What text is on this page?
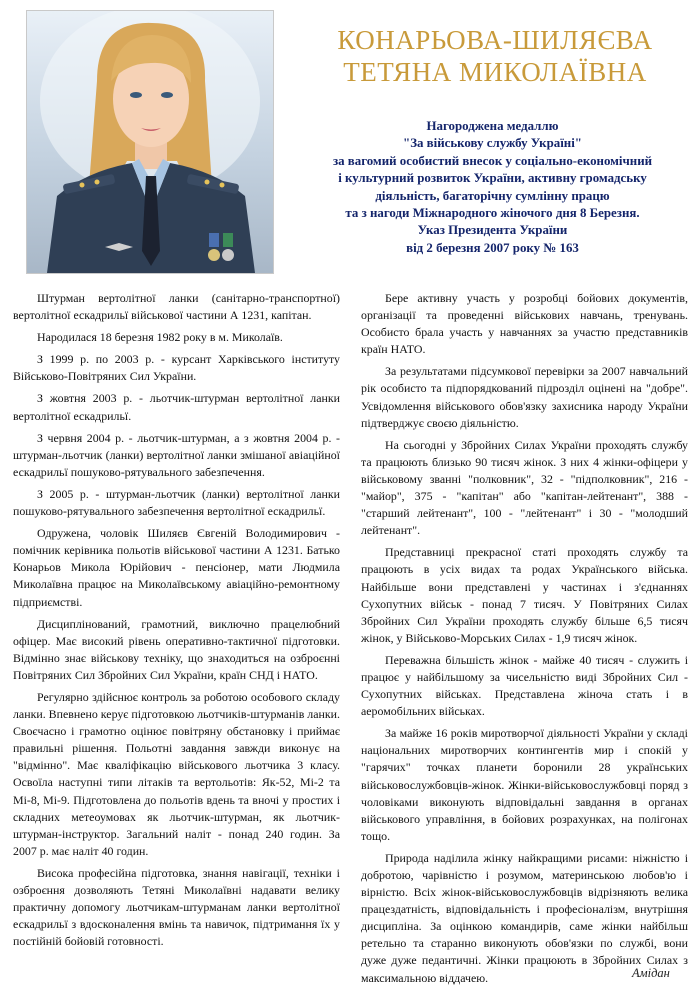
КОНАРЬОВА-ШИЛЯЄВА
ТЕТЯНА МИКОЛАЇВНА
Нагороджена медаллю
"За військову службу Україні"
за вагомий особистий внесок у соціально-економічний
і культурний розвиток України, активну громадську
діяльність, багаторічну сумлінну працю
та з нагоди Міжнародного жіночого дня 8 Березня.
Указ Президента України
від 2 березня 2007 року № 163

Штурман вертолітної ланки (санітарно-транспортної) вертолітної ескадрильї військової частини А 1231, капітан.

Народилася 18 березня 1982 року в м. Миколаїв.

З 1999 р. по 2003 р. - курсант Харківського інституту Військово-Повітряних Сил України.

З жовтня 2003 р. - льотчик-штурман вертолітної ланки вертолітної ескадрильї.

З червня 2004 р. - льотчик-штурман, а з жовтня 2004 р. - штурман-льотчик (ланки) вертолітної ланки змішаної авіаційної ескадрильї пошуково-рятувального забезпечення.

З 2005 р. - штурман-льотчик (ланки) вертолітної ланки пошуково-рятувального забезпечення вертолітної ескадрильї.

Одружена, чоловік Шиляєв Євгеній Володимирович - помічник керівника польотів військової частини А 1231. Батько Конарьов Микола Юрійович - пенсіонер, мати Людмила Миколаївна працює на Миколаївському авіаційно-ремонтному підприємстві.

Дисциплінований, грамотний, виключно працелюбний офіцер. Має високий рівень оперативно-тактичної підготовки. Відмінно знає військову техніку, що знаходиться на озброєнні Повітряних Сил Збройних Сил України, країн СНД і НАТО.

Регулярно здійснює контроль за роботою особового складу ланки. Впевнено керує підготовкою льотчиків-штурманів ланки. Своєчасно і грамотно оцінює повітряну обстановку і приймає правильні рішення. Польотні завдання завжди виконує на "відмінно". Має кваліфікацію військового льотчика 3 класу. Освоїла наступні типи літаків та вертольотів: Як-52, Мі-2 та Мі-8, Мі-9. Підготовлена до польотів вдень та вночі у простих і складних метеоумовах як льотчик-штурман, як льотчик-штурман-інструктор. Загальний наліт - понад 240 годин. За 2007 р. має наліт 40 годин.

Висока професійна підготовка, знання навігації, техніки і озброєння дозволяють Тетяні Миколаївні надавати велику практичну допомогу льотчикам-штурманам ланки вертолітної ескадрильї з вдосконалення вмінь та навичок, підтримання їх у постійній бойовій готовності.

Бере активну участь у розробці бойових документів, організації та проведенні військових навчань, тренувань. Особисто брала участь у навчаннях за участю представників країн НАТО.

За результатами підсумкової перевірки за 2007 навчальний рік особисто та підпорядкований підрозділ оцінені на "добре". Усвідомлення військового обов'язку захисника народу України підтверджує своєю діяльністю.

На сьогодні у Збройних Силах України проходять службу та працюють близько 90 тисяч жінок. З них 4 жінки-офіцери у військовому званні "полковник", 32 - "підполковник", 216 - "майор", 375 - "капітан" або "капітан-лейтенант", 388 - "старший лейтенант", 100 - "лейтенант" і 30 - "молодший лейтенант".

Представниці прекрасної статі проходять службу та працюють в усіх видах та родах Українського війська. Найбільше вони представлені у частинах і з'єднаннях Сухопутних військ - понад 7 тисяч. У Повітряних Силах Збройних Сил України проходять службу більше 6,5 тисяч жінок, у Військово-Морських Силах - 1,9 тисяч жінок.

Переважна більшість жінок - майже 40 тисяч - служить і працює у найбільшому за чисельністю виді Збройних Сил - Сухопутних військах. Представлена жіноча стать і в аеромобільних військах.

За майже 16 років миротворчої діяльності України у складі національних миротворчих контингентів мир і спокій у "гарячих" точках планети боронили 28 українських військовослужбовців-жінок. Жінки-військовослужбовці поряд з чоловіками виконують відповідальні завдання в органах військового управління, в бойових розрахунках, на полігонах тощо.

Природа наділила жінку найкращими рисами: ніжністю і добротою, чарівністю і розумом, материнською любов'ю і вірністю. Всіх жінок-військовослужбовців відрізняють велика працездатність, відповідальність і професіоналізм, внутрішня дисципліна. За оцінкою командирів, саме жінки найбільш ретельно та старанно виконують обов'язки по службі, вони дуже дуже педантичні. Жінки працюють в Збройних Силах з максимальною віддачею.	Амідан
